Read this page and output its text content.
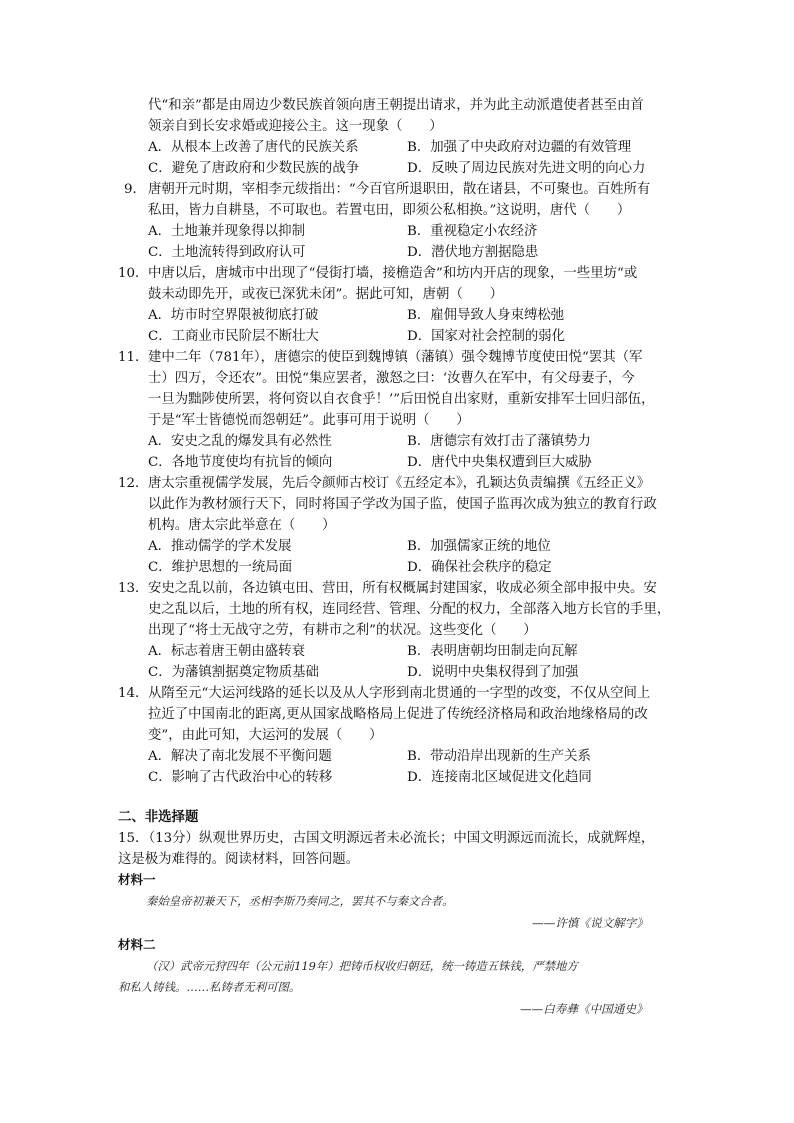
代“和亲”都是由周边少数民族首领向唐王朝提出请求，并为此主动派遣使者甚至由首
领亲自到长安求婚或迎接公主。这一现象（　　）
A．从根本上改善了唐代的民族关系	B．加强了中央政府对边疆的有效管理
C．避免了唐政府和少数民族的战争	D．反映了周边民族对先进文明的向心力
9． 唐朝开元时期，宰相李元绂指出：“今百官所退职田，散在诸县，不可聚也。百姓所有
私田，皆力自耕垦，不可取也。若置屯田，即须公私相换。”这说明，唐代（　　）
A．土地兼并现象得以抑制	B．重视稳定小农经济
C．土地流转得到政府认可	D．潜伏地方割据隐患
10． 中唐以后，唐城市中出现了“侵街打墙，接檐造舍”和坊内开店的现象，一些里坊“或
鼓未动即先开，或夜已深犹未闭”。据此可知，唐朝（　　）
A．坊市时空界限被彻底打破	B．雇佣导致人身束缚松弛
C．工商业市民阶层不断壮大	D．国家对社会控制的弱化
11． 建中二年（781年），唐德宗的使臣到魏博镇（藩镇）强令魏博节度使田悦“罢其（军
士）四万，令还农”。田悦“集应罢者，激怒之曰：‘汝曹久在军中，有父母妻子，今
一旦为黜陟使所罢，将何资以自衣食乎！’”后田悦自出家财，重新安排军士回归部伍，
于是“军士皆德悦而怨朝廷”。此事可用于说明（　　）
A．安史之乱的爆发具有必然性	B．唐德宗有效打击了藩镇势力
C．各地节度使均有抗旨的倾向	D．唐代中央集权遭到巨大威胁
12． 唐太宗重视儒学发展，先后令颜师古校订《五经定本》，孔颖达负责编撰《五经正义》
以此作为教材颁行天下，同时将国子学改为国子监，使国子监再次成为独立的教育行政
机构。唐太宗此举意在（　　）
A．推动儒学的学术发展	B．加强儒家正统的地位
C．维护思想的一统局面	D．确保社会秩序的稳定
13． 安史之乱以前，各边镇屯田、营田，所有权概属封建国家，收成必须全部申报中央。安
史之乱以后，土地的所有权，连同经营、管理、分配的权力，全部落入地方长官的手里，
出现了“将士无战守之劳，有耕市之利”的状况。这些变化（　　）
A．标志着唐王朝由盛转衰	B．表明唐朝均田制走向瓦解
C．为藩镇割据奠定物质基础	D．说明中央集权得到了加强
14． 从隋至元“大运河线路的延长以及从人字形到南北贯通的一字型的改变，不仅从空间上
拉近了中国南北的距离,更从国家战略格局上促进了传统经济格局和政治地缘格局的改
变”，由此可知，大运河的发展（　　）
A．解决了南北发展不平衡问题	B．带动沿岸出现新的生产关系
C．影响了古代政治中心的转移	D．连接南北区域促进文化趋同
二、非选择题
15．（13分）纵观世界历史，古国文明源远者未必流长；中国文明源远而流长，成就辉煌，
这是极为难得的。阅读材料，回答问题。
材料一
秦始皇帝初兼天下，丞相李斯乃奏同之，罢其不与秦文合者。
——许慎《说文解字》
材料二
（汉）武帝元狩四年（公元前119年）把铸币权收归朝廷，统一铸造五铢钱，严禁地方
和私人铸钱。……私铸者无利可图。
——白寿彝《中国通史》
